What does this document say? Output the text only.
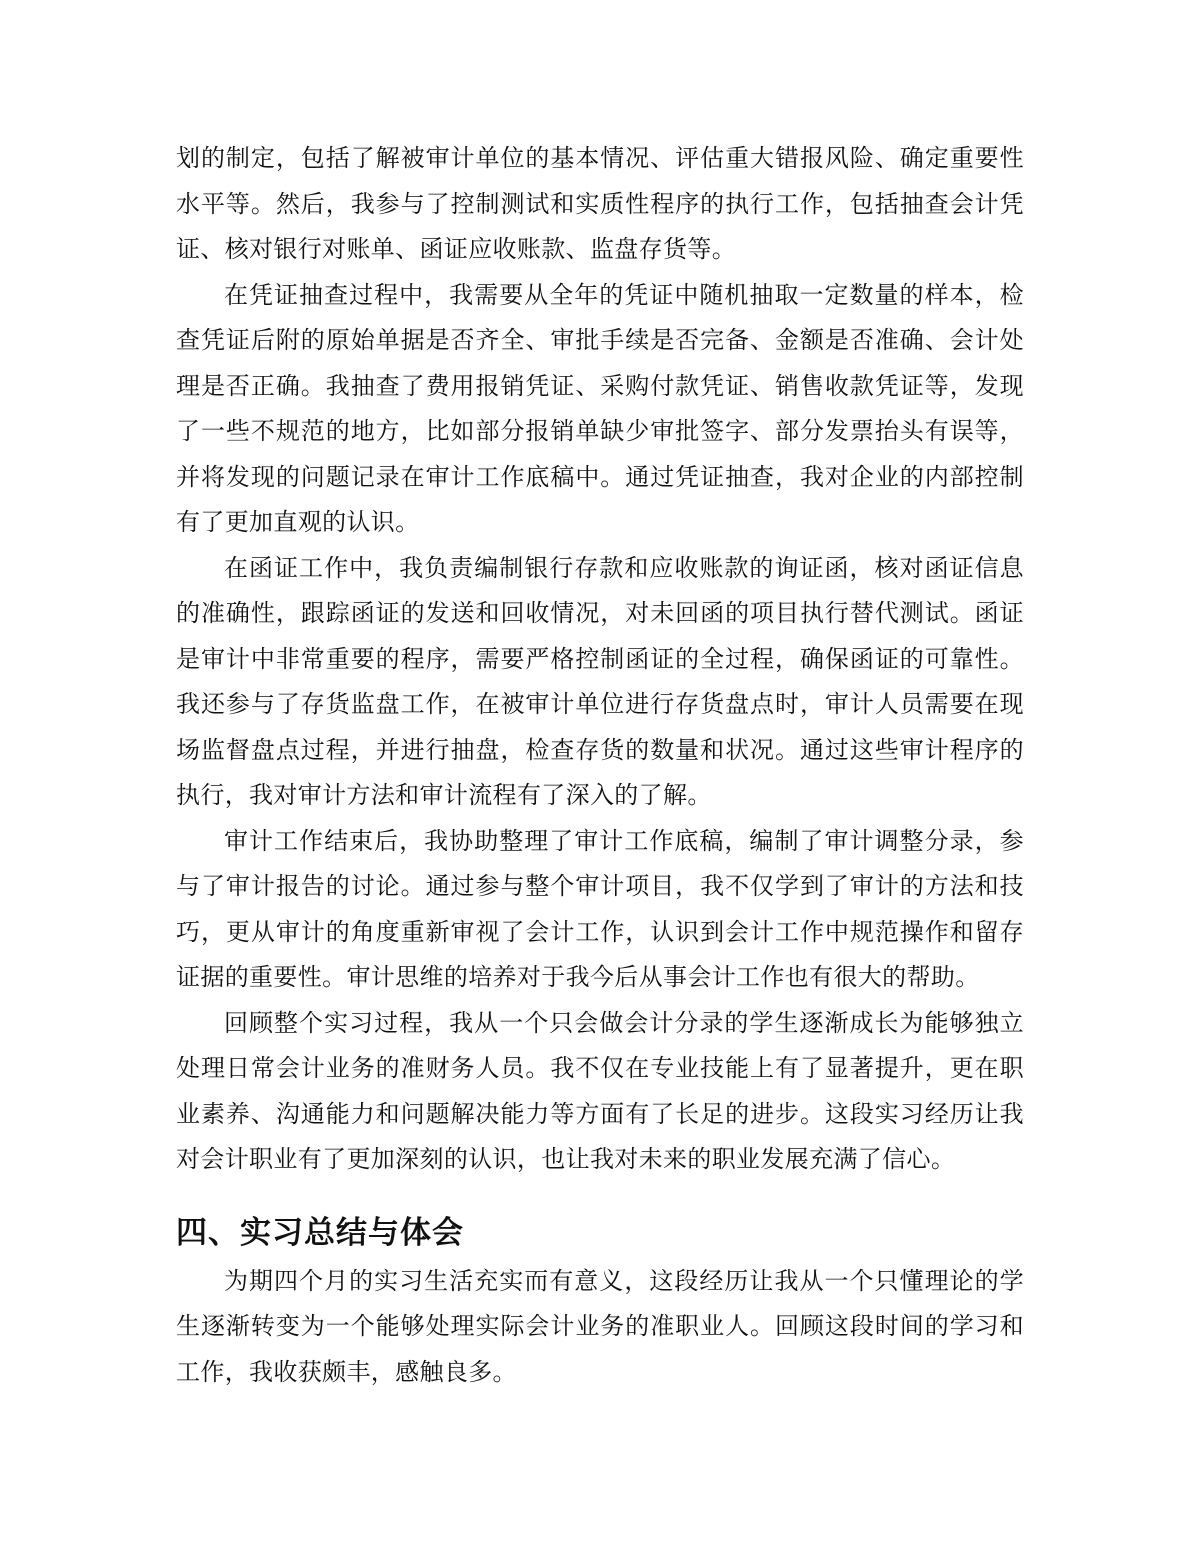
划的制定，包括了解被审计单位的基本情况、评估重大错报风险、确定重要性水平等。然后，我参与了控制测试和实质性程序的执行工作，包括抽查会计凭证、核对银行对账单、函证应收账款、监盘存货等。

在凭证抽查过程中，我需要从全年的凭证中随机抽取一定数量的样本，检查凭证后附的原始单据是否齐全、审批手续是否完备、金额是否准确、会计处理是否正确。我抽查了费用报销凭证、采购付款凭证、销售收款凭证等，发现了一些不规范的地方，比如部分报销单缺少审批签字、部分发票抬头有误等，并将发现的问题记录在审计工作底稿中。通过凭证抽查，我对企业的内部控制有了更加直观的认识。

在函证工作中，我负责编制银行存款和应收账款的询证函，核对函证信息的准确性，跟踪函证的发送和回收情况，对未回函的项目执行替代测试。函证是审计中非常重要的程序，需要严格控制函证的全过程，确保函证的可靠性。我还参与了存货监盘工作，在被审计单位进行存货盘点时，审计人员需要在现场监督盘点过程，并进行抽盘，检查存货的数量和状况。通过这些审计程序的执行，我对审计方法和审计流程有了深入的了解。

审计工作结束后，我协助整理了审计工作底稿，编制了审计调整分录，参与了审计报告的讨论。通过参与整个审计项目，我不仅学到了审计的方法和技巧，更从审计的角度重新审视了会计工作，认识到会计工作中规范操作和留存证据的重要性。审计思维的培养对于我今后从事会计工作也有很大的帮助。

回顾整个实习过程，我从一个只会做会计分录的学生逐渐成长为能够独立处理日常会计业务的准财务人员。我不仅在专业技能上有了显著提升，更在职业素养、沟通能力和问题解决能力等方面有了长足的进步。这段实习经历让我对会计职业有了更加深刻的认识，也让我对未来的职业发展充满了信心。

四、实习总结与体会

为期四个月的实习生活充实而有意义，这段经历让我从一个只懂理论的学生逐渐转变为一个能够处理实际会计业务的准职业人。回顾这段时间的学习和工作，我收获颇丰，感触良多。
